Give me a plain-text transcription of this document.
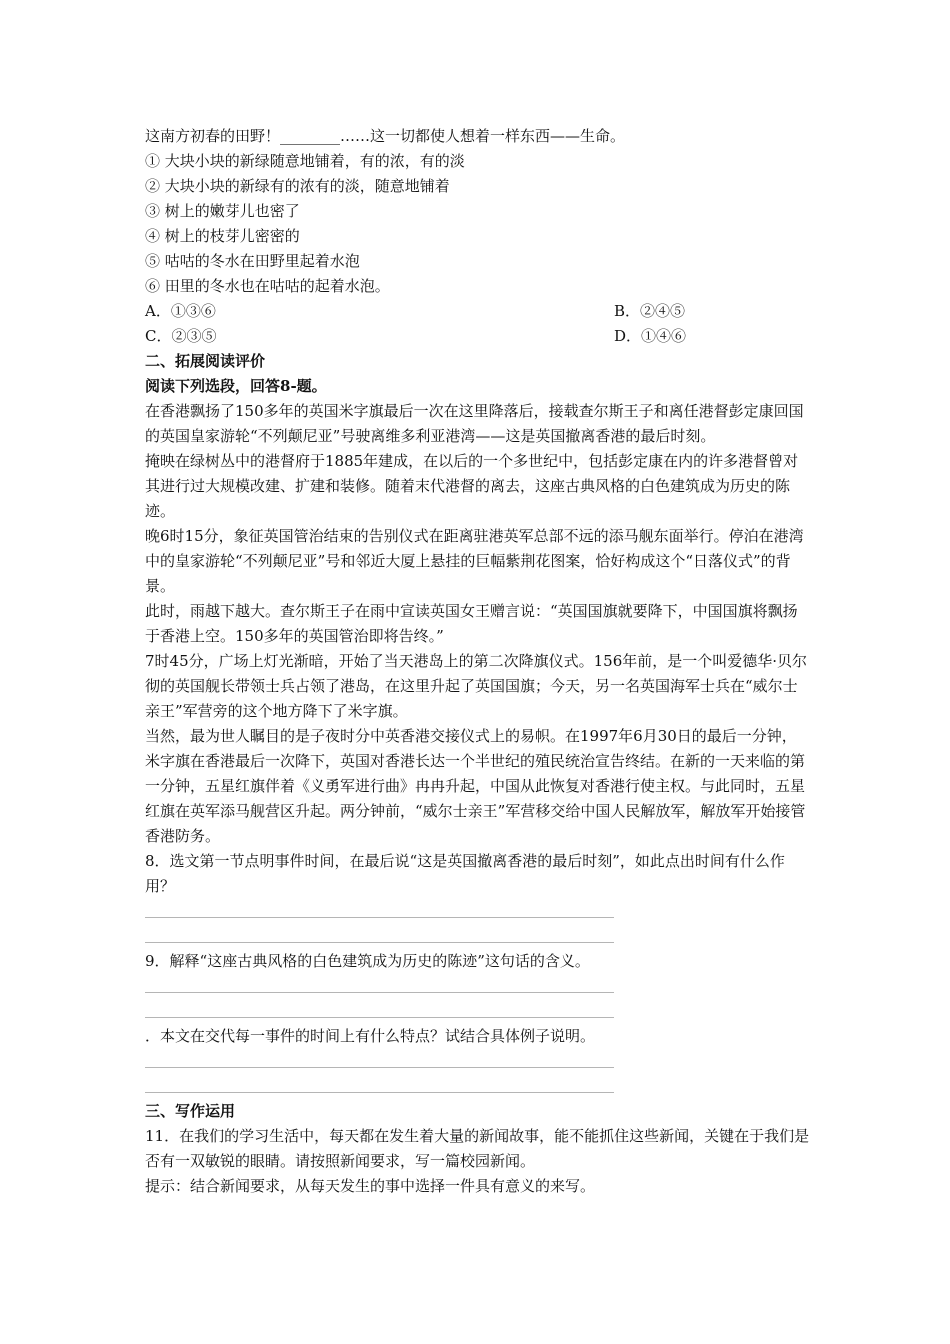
这南方初春的田野！________……这一切都使人想着一样东西——生命。
① 大块小块的新绿随意地铺着，有的浓，有的淡
② 大块小块的新绿有的浓有的淡，随意地铺着
③ 树上的嫩芽儿也密了
④ 树上的枝芽儿密密的
⑤ 咕咕的冬水在田野里起着水泡
⑥ 田里的冬水也在咕咕的起着水泡。
A．①③⑥	B．②④⑤
C．②③⑤	D．①④⑥
二、拓展阅读评价
阅读下列选段，回答8-题。
在香港飘扬了150多年的英国米字旗最后一次在这里降落后，接载查尔斯王子和离任港督彭定康回国的英国皇家游轮“不列颠尼亚”号驶离维多利亚港湾——这是英国撤离香港的最后时刻。
掩映在绿树丛中的港督府于1885年建成，在以后的一个多世纪中，包括彭定康在内的许多港督曾对其进行过大规模改建、扩建和装修。随着末代港督的离去，这座古典风格的白色建筑成为历史的陈迹。
晚6时15分，象征英国管治结束的告别仪式在距离驻港英军总部不远的添马舰东面举行。停泊在港湾中的皇家游轮“不列颠尼亚”号和邻近大厦上悬挂的巨幅紫荆花图案，恰好构成这个“日落仪式”的背景。
此时，雨越下越大。查尔斯王子在雨中宣读英国女王赠言说：“英国国旗就要降下，中国国旗将飘扬于香港上空。150多年的英国管治即将告终。”
7时45分，广场上灯光渐暗，开始了当天港岛上的第二次降旗仪式。156年前，是一个叫爱德华·贝尔彻的英国舰长带领士兵占领了港岛，在这里升起了英国国旗；今天，另一名英国海军士兵在“威尔士亲王”军营旁的这个地方降下了米字旗。
当然，最为世人瞩目的是子夜时分中英香港交接仪式上的易帜。在1997年6月30日的最后一分钟，米字旗在香港最后一次降下，英国对香港长达一个半世纪的殖民统治宣告终结。在新的一天来临的第一分钟，五星红旗伴着《义勇军进行曲》冉冉升起，中国从此恢复对香港行使主权。与此同时，五星红旗在英军添马舰营区升起。两分钟前，“威尔士亲王”军营移交给中国人民解放军，解放军开始接管香港防务。
8．选文第一节点明事件时间，在最后说“这是英国撤离香港的最后时刻”，如此点出时间有什么作用？
9．解释“这座古典风格的白色建筑成为历史的陈迹”这句话的含义。
．本文在交代每一事件的时间上有什么特点？试结合具体例子说明。
三、写作运用
11．在我们的学习生活中，每天都在发生着大量的新闻故事，能不能抓住这些新闻，关键在于我们是否有一双敏锐的眼睛。请按照新闻要求，写一篇校园新闻。
提示：结合新闻要求，从每天发生的事中选择一件具有意义的来写。
